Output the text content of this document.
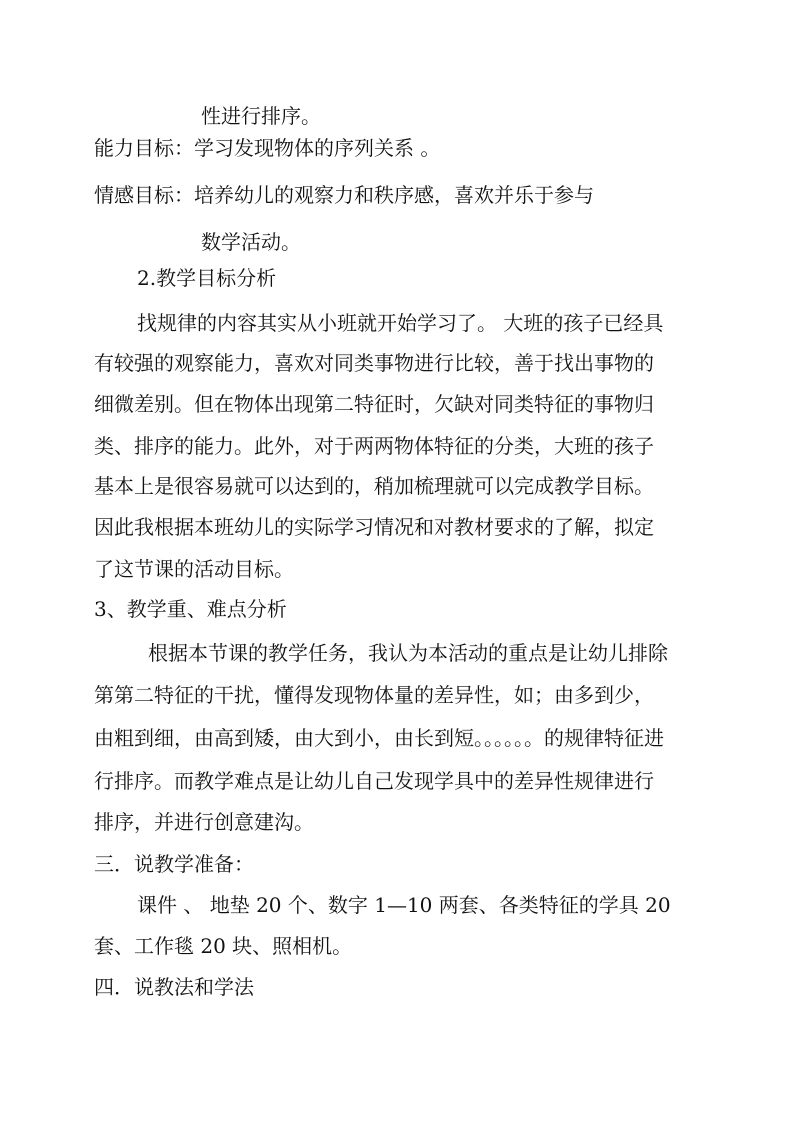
性进行排序。
能力目标：学习发现物体的序列关系 。
情感目标：培养幼儿的观察力和秩序感，喜欢并乐于参与
数学活动。
2.教学目标分析
找规律的内容其实从小班就开始学习了。 大班的孩子已经具
有较强的观察能力，喜欢对同类事物进行比较，善于找出事物的
细微差别。但在物体出现第二特征时，欠缺对同类特征的事物归
类、排序的能力。此外，对于两两物体特征的分类，大班的孩子
基本上是很容易就可以达到的，稍加梳理就可以完成教学目标。
因此我根据本班幼儿的实际学习情况和对教材要求的了解，拟定
了这节课的活动目标。
3、教学重、难点分析
根据本节课的教学任务，我认为本活动的重点是让幼儿排除
第第二特征的干扰，懂得发现物体量的差异性，如；由多到少，
由粗到细，由高到矮，由大到小，由长到短。。。。。。的规律特征进
行排序。而教学难点是让幼儿自己发现学具中的差异性规律进行
排序，并进行创意建沟。
三．说教学准备：
课件 、 地垫 20 个、数字 1—10 两套、各类特征的学具 20
套、工作毯 20 块、照相机。
四．说教法和学法
